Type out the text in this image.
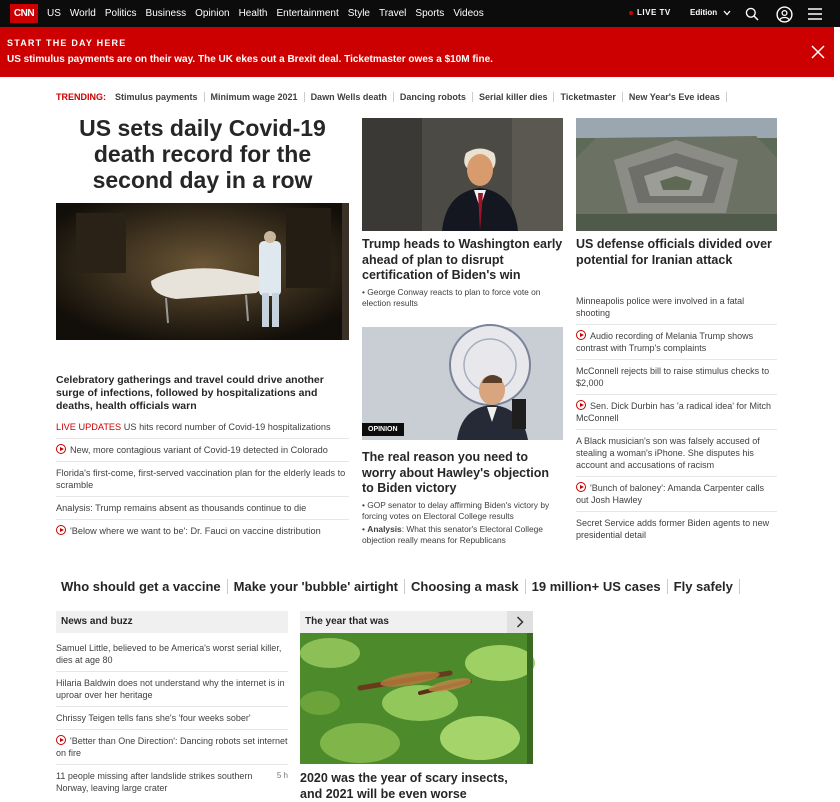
CNN	US World Politics Business Opinion Health Entertainment Style Travel Sports Videos	LIVE TV Edition
START THE DAY HERE
US stimulus payments are on their way. The UK ekes out a Brexit deal. Ticketmaster owes a $10M fine.
TRENDING:	Stimulus payments	Minimum wage 2021	Dawn Wells death	Dancing robots	Serial killer dies	Ticketmaster	New Year's Eve ideas
US sets daily Covid-19 death record for the second day in a row
Celebratory gatherings and travel could drive another surge of infections, followed by hospitalizations and deaths, health officials warn
LIVE UPDATES US hits record number of Covid-19 hospitalizations
New, more contagious variant of Covid-19 detected in Colorado
Florida's first-come, first-served vaccination plan for the elderly leads to scramble
Analysis: Trump remains absent as thousands continue to die
'Below where we want to be': Dr. Fauci on vaccine distribution
Trump heads to Washington early ahead of plan to disrupt certification of Biden's win
• George Conway reacts to plan to force vote on election results
OPINION
The real reason you need to worry about Hawley's objection to Biden victory
• GOP senator to delay affirming Biden's victory by forcing votes on Electoral College results
• Analysis: What this senator's Electoral College objection really means for Republicans
US defense officials divided over potential for Iranian attack
Minneapolis police were involved in a fatal shooting
Audio recording of Melania Trump shows contrast with Trump's complaints
McConnell rejects bill to raise stimulus checks to $2,000
Sen. Dick Durbin has 'a radical idea' for Mitch McConnell
A Black musician's son was falsely accused of stealing a woman's iPhone. She disputes his account and accusations of racism
'Bunch of baloney': Amanda Carpenter calls out Josh Hawley
Secret Service adds former Biden agents to new presidential detail
Who should get a vaccine	Make your 'bubble' airtight	Choosing a mask	19 million+ US cases	Fly safely
News and buzz
Samuel Little, believed to be America's worst serial killer, dies at age 80
Hilaria Baldwin does not understand why the internet is in uproar over her heritage
Chrissy Teigen tells fans she's 'four weeks sober'
'Better than One Direction': Dancing robots set internet on fire
11 people missing after landslide strikes southern Norway, leaving large crater
5 h
The year that was
2020 was the year of scary insects, and 2021 will be even worse
